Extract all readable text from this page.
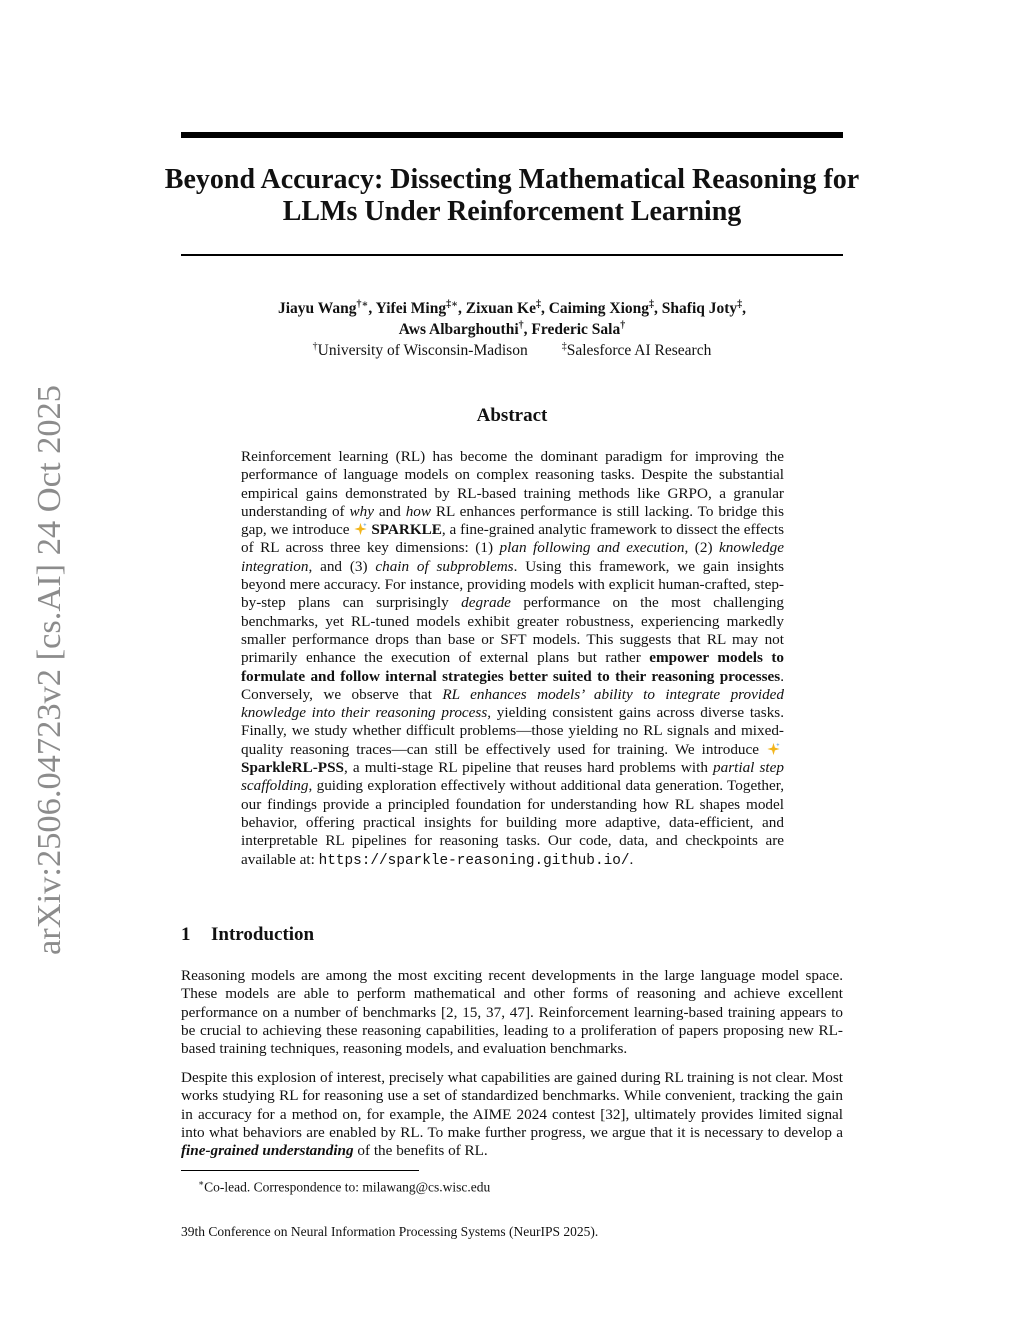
arXiv:2506.04723v2 [cs.AI] 24 Oct 2025
Beyond Accuracy: Dissecting Mathematical Reasoning for LLMs Under Reinforcement Learning
Jiayu Wang†∗, Yifei Ming‡∗, Zixuan Ke‡, Caiming Xiong‡, Shafiq Joty‡,
Aws Albarghouthi†, Frederic Sala†
†University of Wisconsin-Madison	‡Salesforce AI Research
Abstract

Reinforcement learning (RL) has become the dominant paradigm for improving the performance of language models on complex reasoning tasks. Despite the substantial empirical gains demonstrated by RL-based training methods like GRPO, a granular understanding of why and how RL enhances performance is still lacking. To bridge this gap, we introduce SPARKLE, a fine-grained analytic framework to dissect the effects of RL across three key dimensions: (1) plan following and execution, (2) knowledge integration, and (3) chain of subproblems. Using this framework, we gain insights beyond mere accuracy. For instance, providing models with explicit human-crafted, step-by-step plans can surprisingly degrade performance on the most challenging benchmarks, yet RL-tuned models exhibit greater robustness, experiencing markedly smaller performance drops than base or SFT models. This suggests that RL may not primarily enhance the execution of external plans but rather empower models to formulate and follow internal strategies better suited to their reasoning processes. Conversely, we observe that RL enhances models’ ability to integrate provided knowledge into their reasoning process, yielding consistent gains across diverse tasks. Finally, we study whether difficult problems—those yielding no RL signals and mixed-quality reasoning traces—can still be effectively used for training. We introduce SparkleRL-PSS, a multi-stage RL pipeline that reuses hard problems with partial step scaffolding, guiding exploration effectively without additional data generation. Together, our findings provide a principled foundation for understanding how RL shapes model behavior, offering practical insights for building more adaptive, data-efficient, and interpretable RL pipelines for reasoning tasks. Our code, data, and checkpoints are available at: https://sparkle-reasoning.github.io/.

1 Introduction

Reasoning models are among the most exciting recent developments in the large language model space. These models are able to perform mathematical and other forms of reasoning and achieve excellent performance on a number of benchmarks [2, 15, 37, 47]. Reinforcement learning-based training appears to be crucial to achieving these reasoning capabilities, leading to a proliferation of papers proposing new RL-based training techniques, reasoning models, and evaluation benchmarks.

Despite this explosion of interest, precisely what capabilities are gained during RL training is not clear. Most works studying RL for reasoning use a set of standardized benchmarks. While convenient, tracking the gain in accuracy for a method on, for example, the AIME 2024 contest [32], ultimately provides limited signal into what behaviors are enabled by RL. To make further progress, we argue that it is necessary to develop a fine-grained understanding of the benefits of RL.

∗Co-lead. Correspondence to: milawang@cs.wisc.edu

39th Conference on Neural Information Processing Systems (NeurIPS 2025).
